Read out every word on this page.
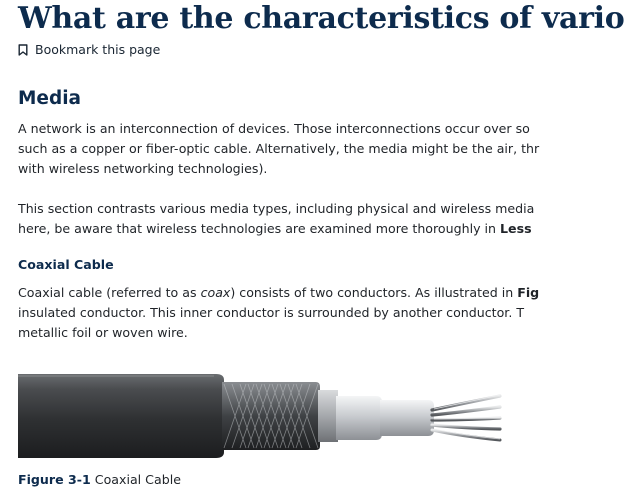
What are the characteristics of vario
Bookmark this page
Media

A network is an interconnection of devices. Those interconnections occur over so
such as a copper or fiber-optic cable. Alternatively, the media might be the air, thr
with wireless networking technologies).

This section contrasts various media types, including physical and wireless media
here, be aware that wireless technologies are examined more thoroughly in Less

Coaxial Cable

Coaxial cable (referred to as coax) consists of two conductors. As illustrated in Fig
insulated conductor. This inner conductor is surrounded by another conductor. T
metallic foil or woven wire.

Figure 3-1 Coaxial Cable
